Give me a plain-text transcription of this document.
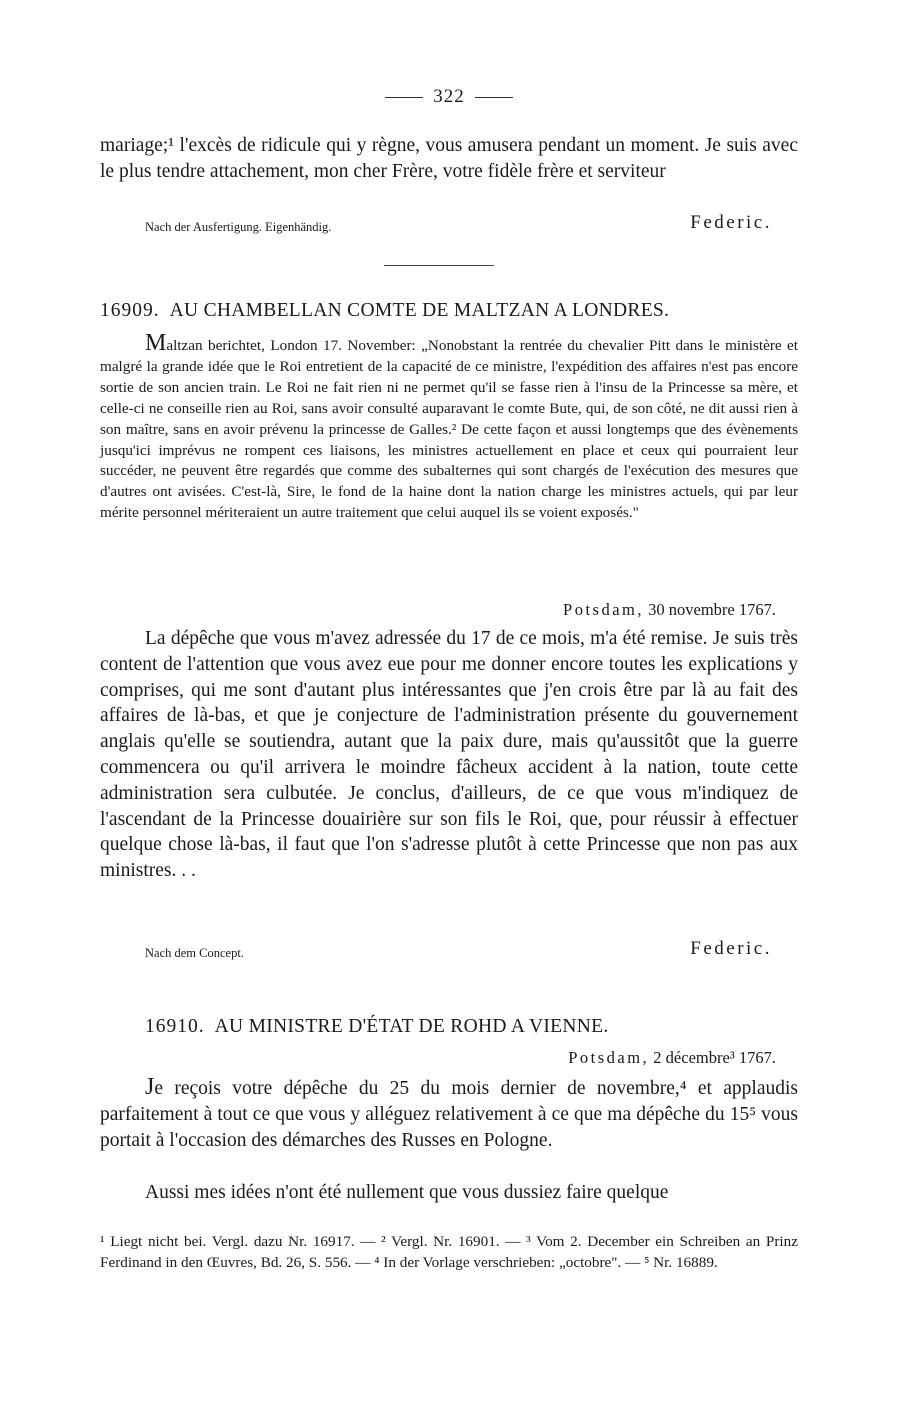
322

mariage;¹ l'excès de ridicule qui y règne, vous amusera pendant un moment. Je suis avec le plus tendre attachement, mon cher Frère, votre fidèle frère et serviteur

Nach der Ausfertigung. Eigenhändig.	Federic.
16909. AU CHAMBELLAN COMTE DE MALTZAN A LONDRES.

Maltzan berichtet, London 17. November: „Nonobstant la rentrée du chevalier Pitt dans le ministère et malgré la grande idée que le Roi entretient de la capacité de ce ministre, l'expédition des affaires n'est pas encore sortie de son ancien train. Le Roi ne fait rien ni ne permet qu'il se fasse rien à l'insu de la Princesse sa mère, et celle-ci ne conseille rien au Roi, sans avoir consulté auparavant le comte Bute, qui, de son côté, ne dit aussi rien à son maître, sans en avoir prévenu la princesse de Galles.² De cette façon et aussi longtemps que des évènements jusqu'ici imprévus ne rompent ces liaisons, les ministres actuellement en place et ceux qui pourraient leur succéder, ne peuvent être regardés que comme des subalternes qui sont chargés de l'exécution des mesures que d'autres ont avisées. C'est-là, Sire, le fond de la haine dont la nation charge les ministres actuels, qui par leur mérite personnel mériteraient un autre traitement que celui auquel ils se voient exposés."

Potsdam, 30 novembre 1767.

La dépêche que vous m'avez adressée du 17 de ce mois, m'a été remise. Je suis très content de l'attention que vous avez eue pour me donner encore toutes les explications y comprises, qui me sont d'autant plus intéressantes que j'en crois être par là au fait des affaires de là-bas, et que je conjecture de l'administration présente du gouvernement anglais qu'elle se soutiendra, autant que la paix dure, mais qu'aussitôt que la guerre commencera ou qu'il arrivera le moindre fâcheux accident à la nation, toute cette administration sera culbutée. Je conclus, d'ailleurs, de ce que vous m'indiquez de l'ascendant de la Princesse douairière sur son fils le Roi, que, pour réussir à effectuer quelque chose là-bas, il faut que l'on s'adresse plutôt à cette Princesse que non pas aux ministres. . .

Nach dem Concept.	Federic.
16910. AU MINISTRE D'ÉTAT DE ROHD A VIENNE.
Potsdam, 2 décembre³ 1767.

Je reçois votre dépêche du 25 du mois dernier de novembre,⁴ et applaudis parfaitement à tout ce que vous y alléguez relativement à ce que ma dépêche du 15⁵ vous portait à l'occasion des démarches des Russes en Pologne.

Aussi mes idées n'ont été nullement que vous dussiez faire quelque

¹ Liegt nicht bei. Vergl. dazu Nr. 16917. — ² Vergl. Nr. 16901. — ³ Vom 2. December ein Schreiben an Prinz Ferdinand in den Œuvres, Bd. 26, S. 556. — ⁴ In der Vorlage verschrieben: „octobre". — ⁵ Nr. 16889.
